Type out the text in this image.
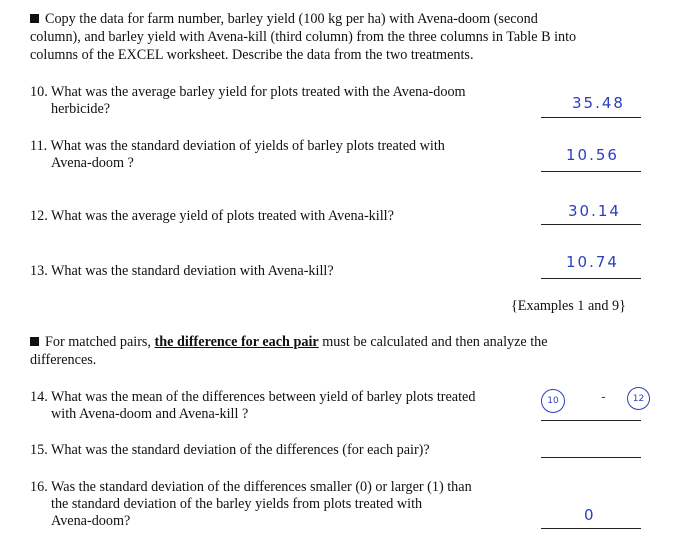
Copy the data for farm number, barley yield (100 kg per ha) with Avena-doom (second
column), and barley yield with Avena-kill (third column) from the three columns in Table B into
columns of the EXCEL worksheet. Describe the data from the two treatments.
10. What was the average barley yield for plots treated with the Avena-doom
herbicide?	35.48
11. What was the standard deviation of yields of barley plots treated with
Avena-doom ?	10.56
12. What was the average yield of plots treated with Avena-kill?	30.14
13. What was the standard deviation with Avena-kill?	10.74
{Examples 1 and 9}
For matched pairs, the difference for each pair must be calculated and then analyze the
differences.
14. What was the mean of the differences between yield of barley plots treated
with Avena-doom and Avena-kill ?
10	-	12
15. What was the standard deviation of the differences (for each pair)?
16. Was the standard deviation of the differences smaller (0) or larger (1) than
the standard deviation of the barley yields from plots treated with
Avena-doom?	0
